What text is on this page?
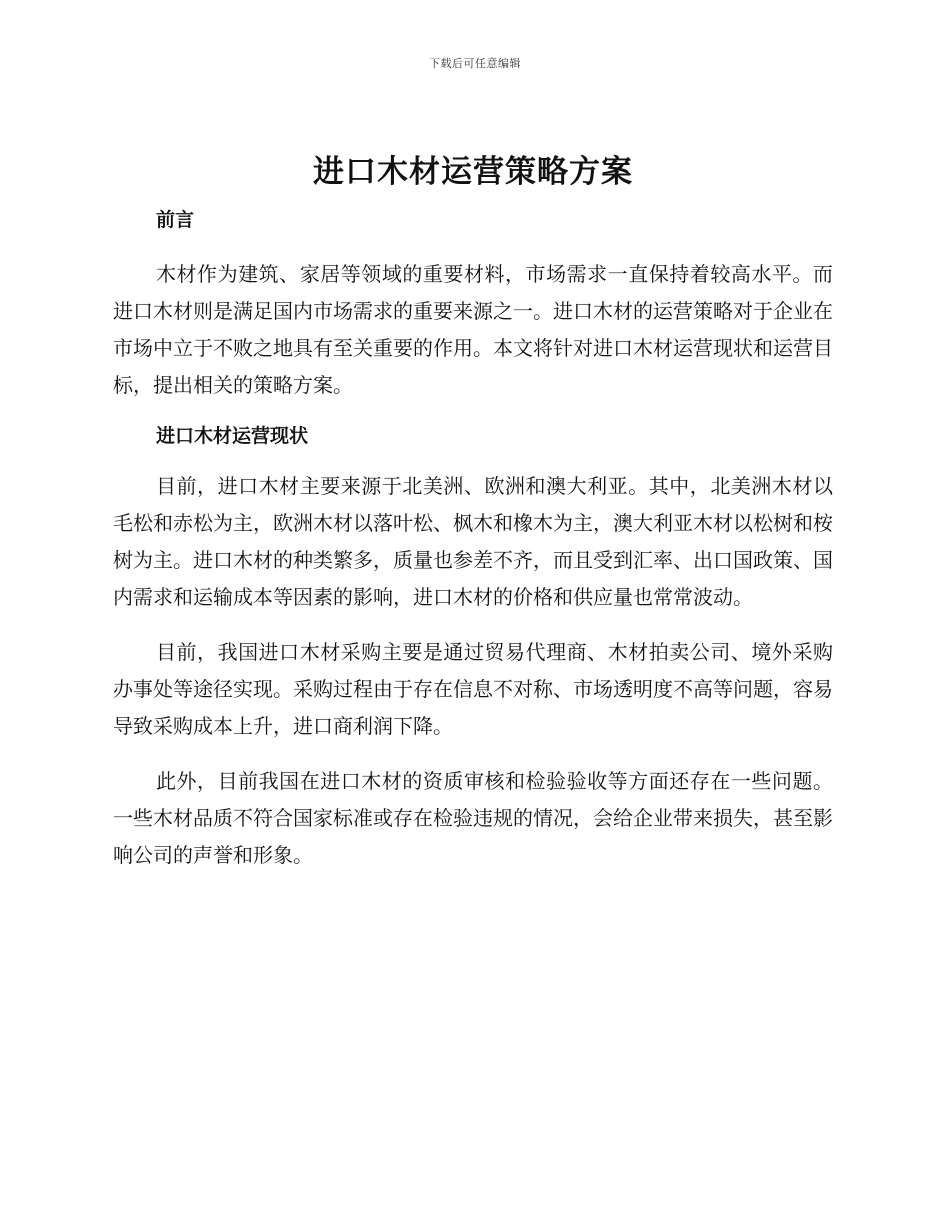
下载后可任意编辑
进口木材运营策略方案
前言

木材作为建筑、家居等领域的重要材料，市场需求一直保持着较高水平。而进口木材则是满足国内市场需求的重要来源之一。进口木材的运营策略对于企业在市场中立于不败之地具有至关重要的作用。本文将针对进口木材运营现状和运营目标，提出相关的策略方案。

进口木材运营现状

目前，进口木材主要来源于北美洲、欧洲和澳大利亚。其中，北美洲木材以毛松和赤松为主，欧洲木材以落叶松、枫木和橡木为主，澳大利亚木材以松树和桉树为主。进口木材的种类繁多，质量也参差不齐，而且受到汇率、出口国政策、国内需求和运输成本等因素的影响，进口木材的价格和供应量也常常波动。

目前，我国进口木材采购主要是通过贸易代理商、木材拍卖公司、境外采购办事处等途径实现。采购过程由于存在信息不对称、市场透明度不高等问题，容易导致采购成本上升，进口商利润下降。

此外，目前我国在进口木材的资质审核和检验验收等方面还存在一些问题。一些木材品质不符合国家标准或存在检验违规的情况，会给企业带来损失，甚至影响公司的声誉和形象。
